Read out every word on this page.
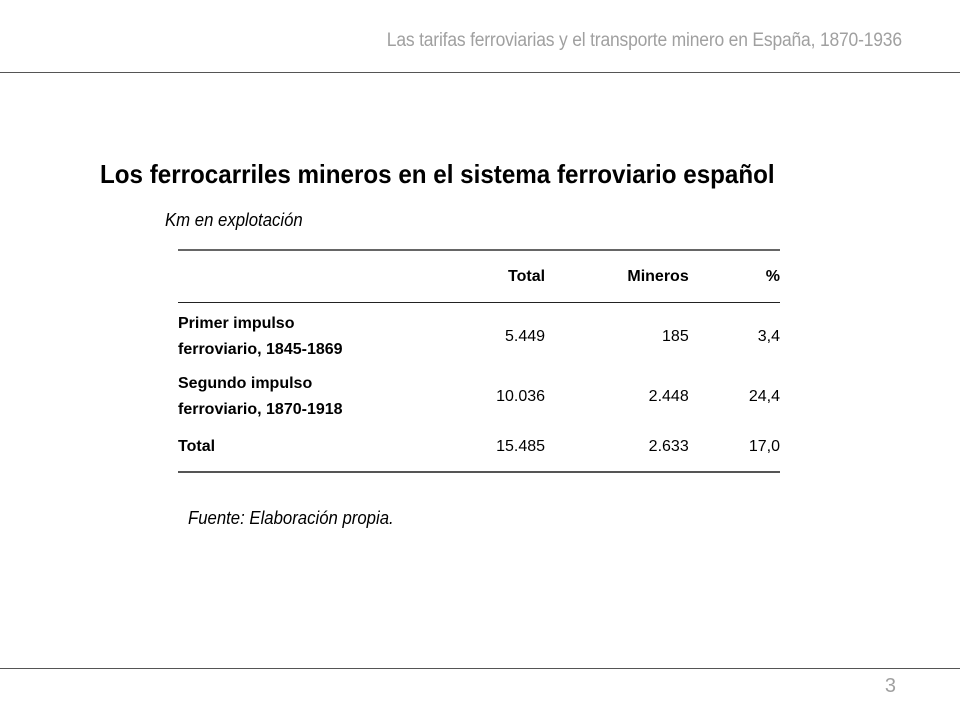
Las tarifas ferroviarias y el transporte minero en España, 1870-1936
Los ferrocarriles mineros en el sistema ferroviario español
Km en explotación
	Total	Mineros	%
Primer impulso
ferroviario, 1845-1869	5.449	185	3,4
Segundo impulso
ferroviario, 1870-1918	10.036	2.448	24,4
Total	15.485	2.633	17,0
Fuente: Elaboración propia.
3
